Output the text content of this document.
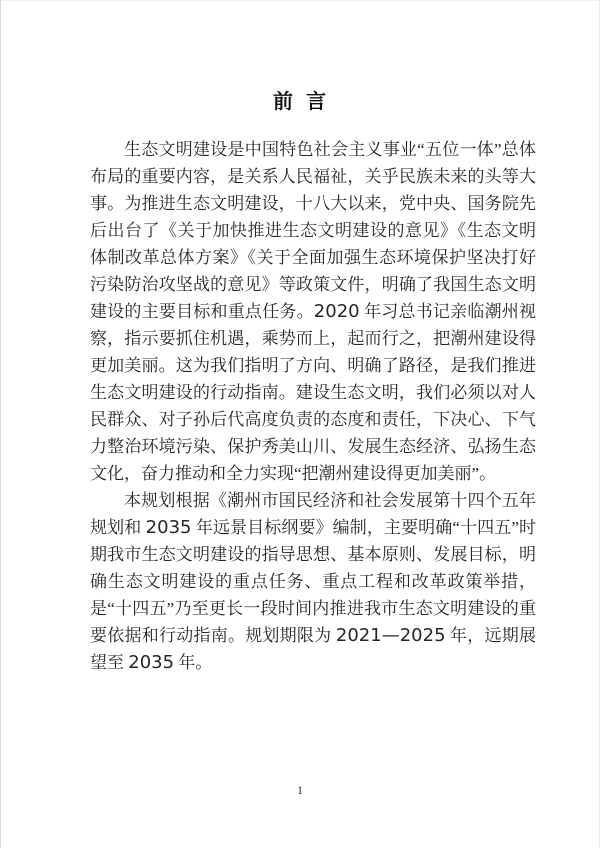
前  言

生态文明建设是中国特色社会主义事业“五位一体”总体布局的重要内容，是关系人民福祉，关乎民族未来的头等大事。为推进生态文明建设，十八大以来，党中央、国务院先后出台了《关于加快推进生态文明建设的意见》《生态文明体制改革总体方案》《关于全面加强生态环境保护坚决打好污染防治攻坚战的意见》等政策文件，明确了我国生态文明建设的主要目标和重点任务。2020 年习总书记亲临潮州视察，指示要抓住机遇，乘势而上，起而行之，把潮州建设得更加美丽。这为我们指明了方向、明确了路径，是我们推进生态文明建设的行动指南。建设生态文明，我们必须以对人民群众、对子孙后代高度负责的态度和责任，下决心、下气力整治环境污染、保护秀美山川、发展生态经济、弘扬生态文化，奋力推动和全力实现“把潮州建设得更加美丽”。

本规划根据《潮州市国民经济和社会发展第十四个五年规划和 2035 年远景目标纲要》编制，主要明确“十四五”时期我市生态文明建设的指导思想、基本原则、发展目标，明确生态文明建设的重点任务、重点工程和改革政策举措，是“十四五”乃至更长一段时间内推进我市生态文明建设的重要依据和行动指南。规划期限为 2021—2025 年，远期展望至 2035 年。

1
